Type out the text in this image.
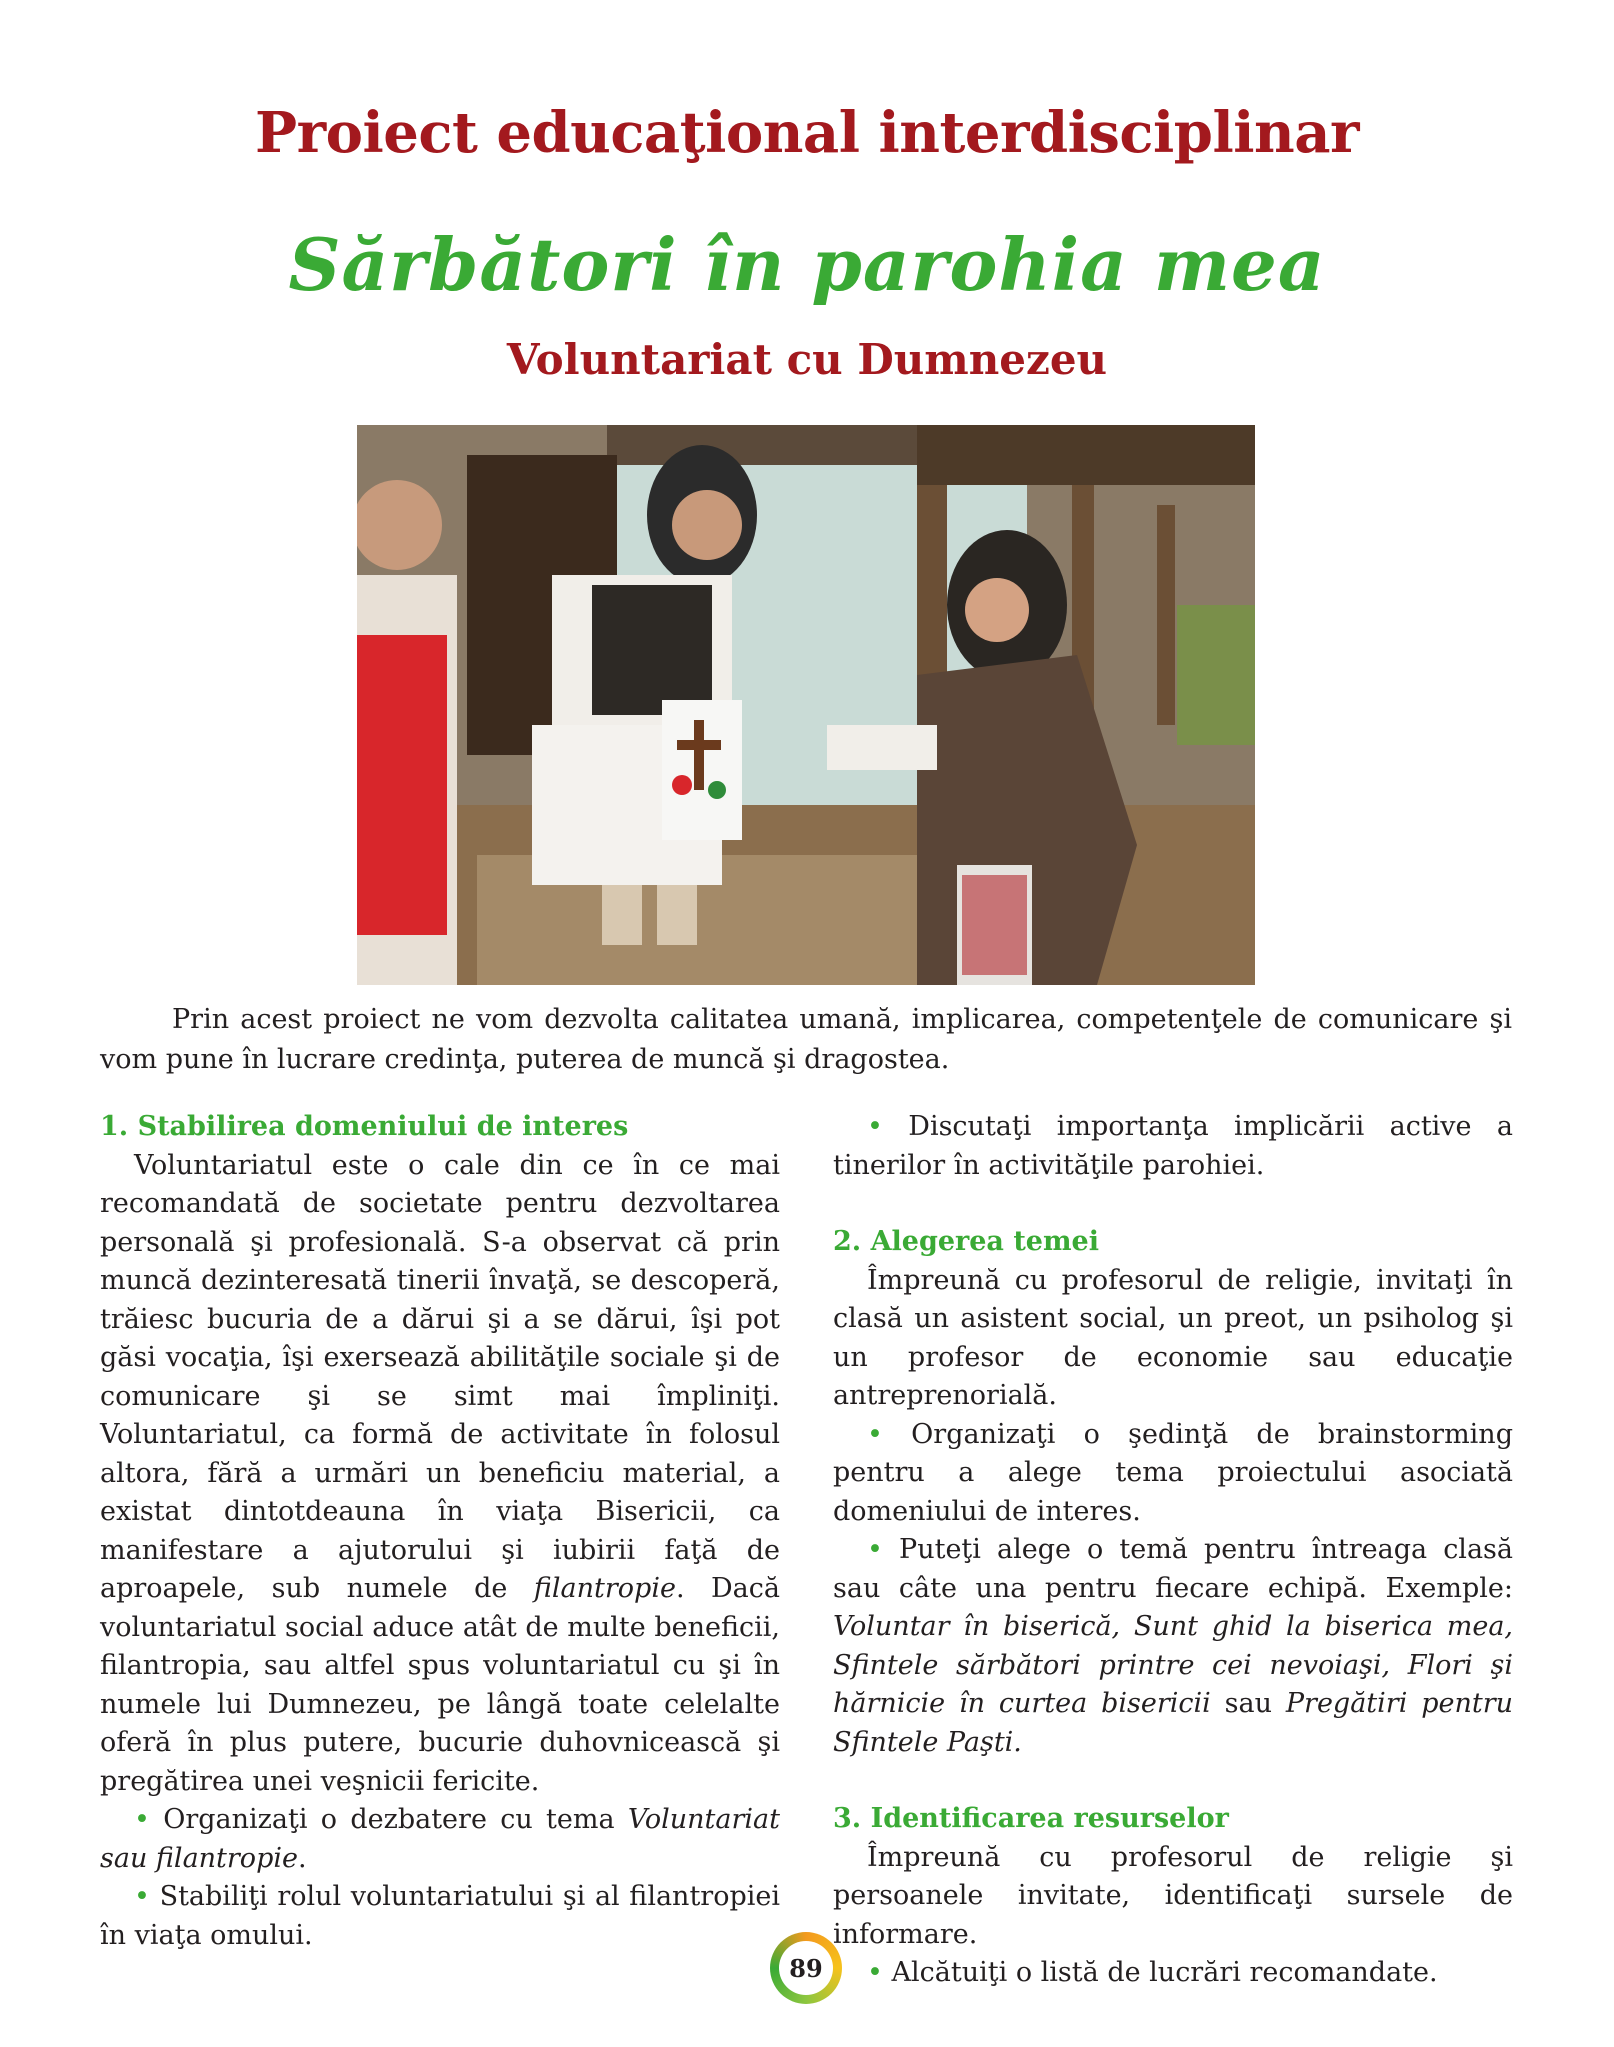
Proiect educaţional interdisciplinar
Sărbători în parohia mea
Voluntariat cu Dumnezeu

Prin acest proiect ne vom dezvolta calitatea umană, implicarea, competenţele de comunicare şi vom pune în lucrare credinţa, puterea de muncă şi dragostea.

1. Stabilirea domeniului de interes

Voluntariatul este o cale din ce în ce mai recomandată de societate pentru dezvoltarea personală şi profesională. S-a observat că prin muncă dezinteresată tinerii învaţă, se descoperă, trăiesc bucuria de a dărui şi a se dărui, îşi pot găsi vocaţia, îşi exersează abilităţile sociale şi de comunicare şi se simt mai împliniţi. Voluntariatul, ca formă de activitate în folosul altora, fără a urmări un beneficiu material, a existat dintotdeauna în viaţa Bisericii, ca manifestare a ajutorului şi iubirii faţă de aproapele, sub numele de filantropie. Dacă voluntariatul social aduce atât de multe beneficii, filantropia, sau altfel spus voluntariatul cu şi în numele lui Dumnezeu, pe lângă toate celelalte oferă în plus putere, bucurie duhovnicească şi pregătirea unei veşnicii fericite.

• Organizaţi o dezbatere cu tema Voluntariat sau filantropie.

• Stabiliţi rolul voluntariatului şi al filantropiei în viaţa omului.

• Discutaţi importanţa implicării active a tinerilor în activităţile parohiei.

2. Alegerea temei

Împreună cu profesorul de religie, invitaţi în clasă un asistent social, un preot, un psiholog şi un profesor de economie sau educaţie antreprenorială.

• Organizaţi o şedinţă de brainstorming pentru a alege tema proiectului asociată domeniului de interes.

• Puteţi alege o temă pentru întreaga clasă sau câte una pentru fiecare echipă. Exemple: Voluntar în biserică, Sunt ghid la biserica mea, Sfintele sărbători printre cei nevoiaşi, Flori şi hărnicie în curtea bisericii sau Pregătiri pentru Sfintele Paşti.

3. Identificarea resurselor

Împreună cu profesorul de religie şi persoanele invitate, identificaţi sursele de informare.

• Alcătuiţi o listă de lucrări recomandate.

89
